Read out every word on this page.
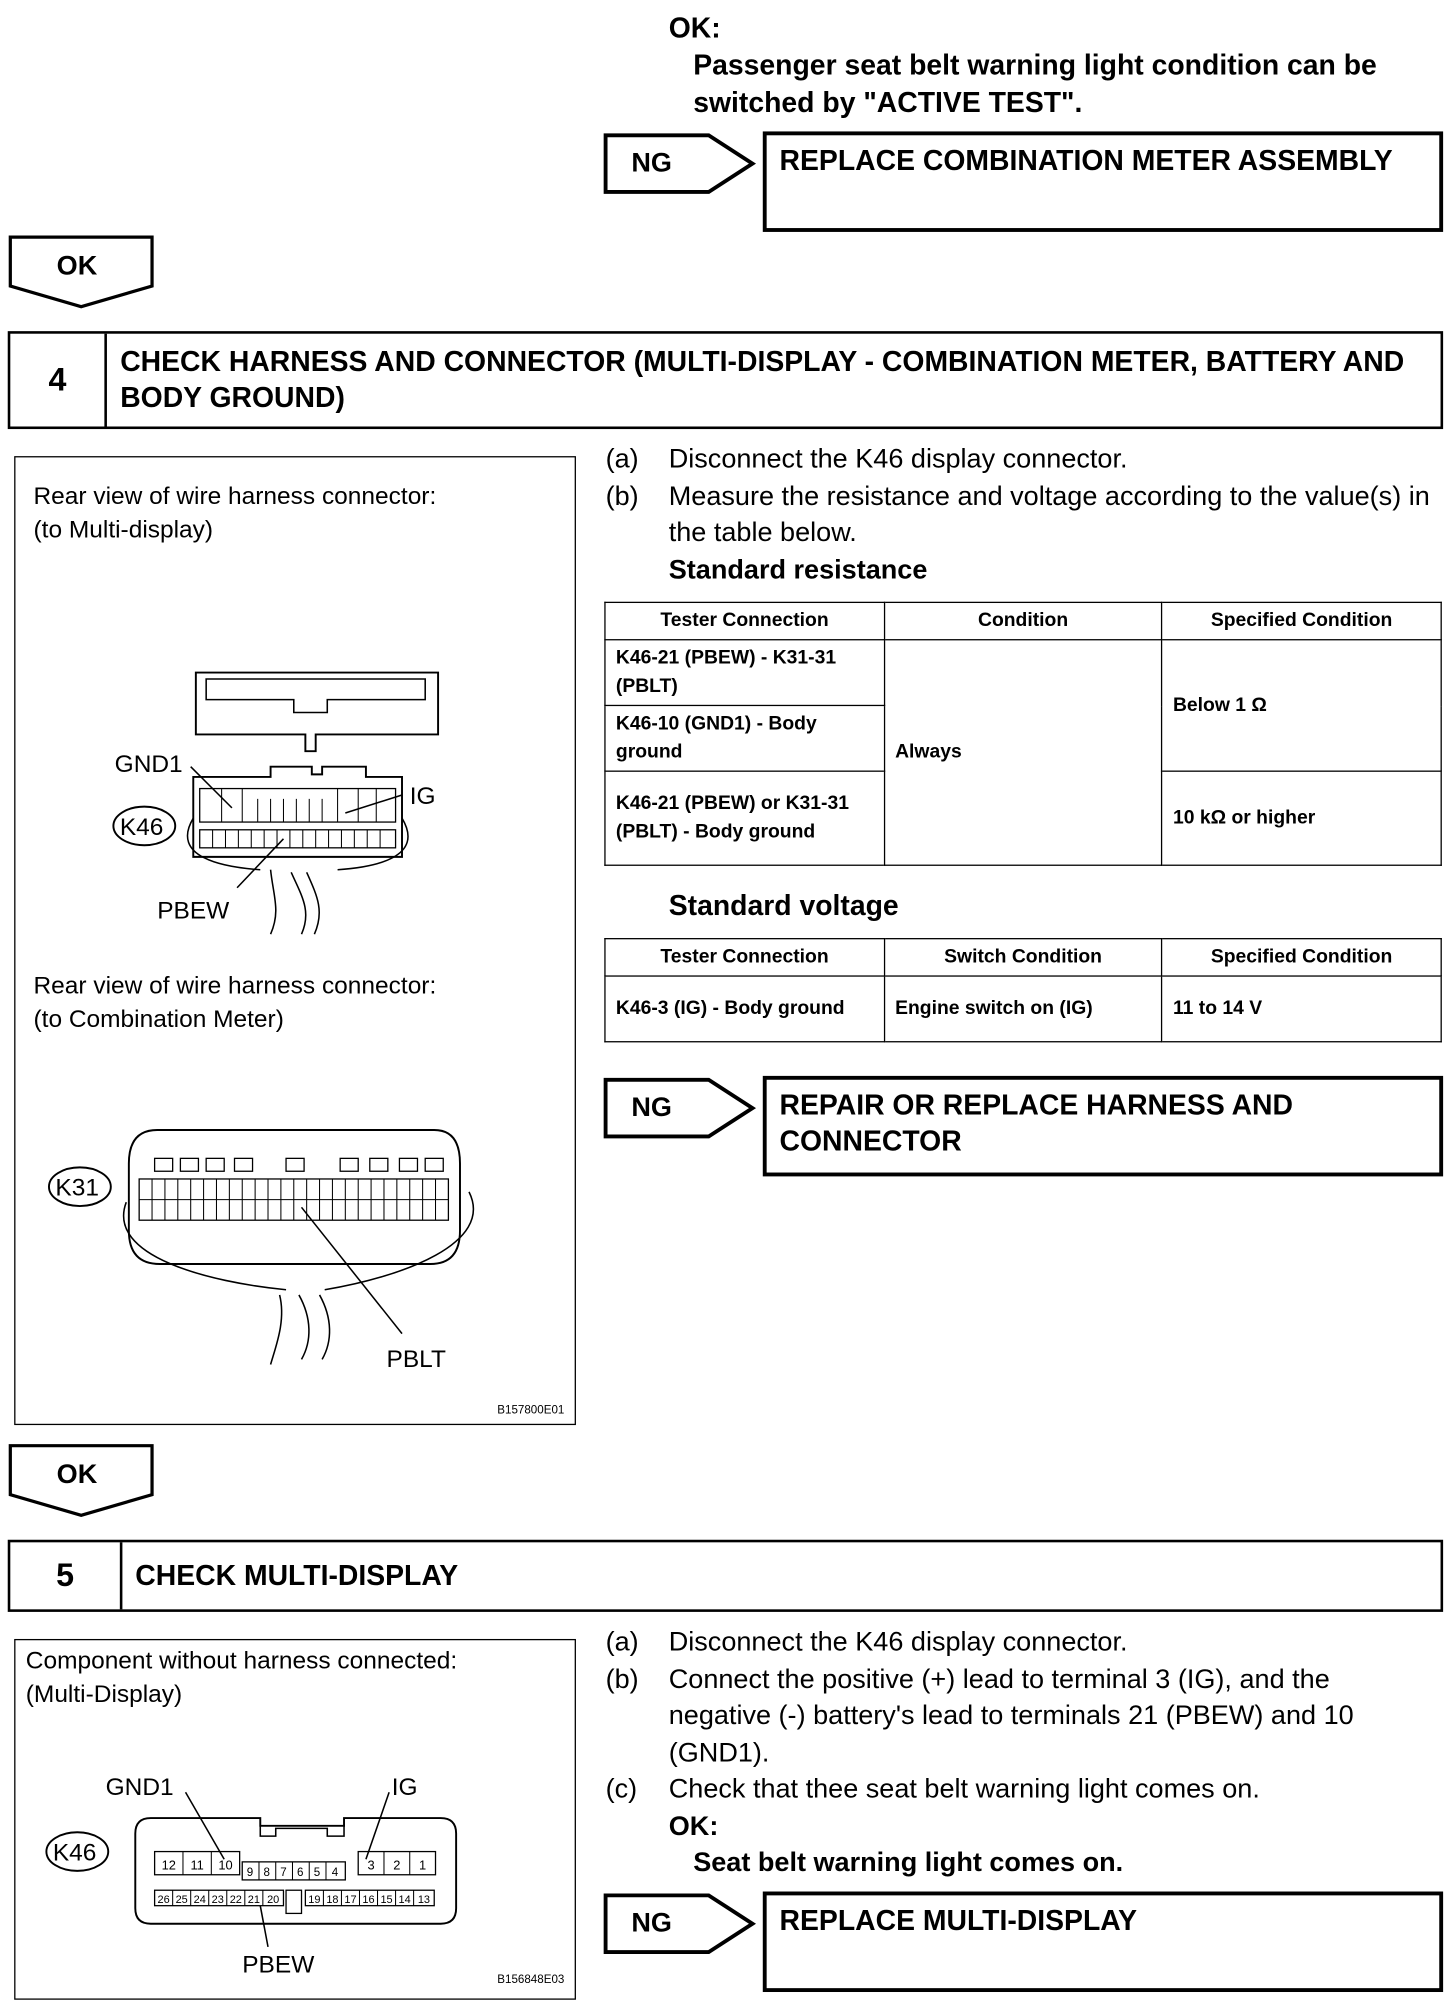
OK:
Passenger seat belt warning light condition can be switched by "ACTIVE TEST".
NG	REPLACE COMBINATION METER ASSEMBLY
OK
4	CHECK HARNESS AND CONNECTOR (MULTI-DISPLAY - COMBINATION METER, BATTERY AND BODY GROUND)
Rear view of wire harness connector:
(to Multi-display)
GND1
IG
K46
PBEW
Rear view of wire harness connector:
(to Combination Meter)
K31
PBLT
B157800E01
(a)	Disconnect the K46 display connector.
(b)	Measure the resistance and voltage according to the value(s) in the table below.
Standard resistance
Tester Connection	Condition	Specified Condition
K46-21 (PBEW) - K31-31 (PBLT)	Always	Below 1 Ω
K46-10 (GND1) - Body ground		
K46-21 (PBEW) or K31-31 (PBLT) - Body ground		10 kΩ or higher
Standard voltage
Tester Connection	Switch Condition	Specified Condition
K46-3 (IG) - Body ground	Engine switch on (IG)	11 to 14 V
NG	REPAIR OR REPLACE HARNESS AND CONNECTOR
OK
5	CHECK MULTI-DISPLAY
Component without harness connected:
(Multi-Display)
12 11 10
9 8 7 6 5 4
3 2 1
26 25 24 23 22 21 20	19 18 17 16 15 14 13
GND1	IG
K46
PBEW
B156848E03
(a)	Disconnect the K46 display connector.
(b)	Connect the positive (+) lead to terminal 3 (IG), and the negative (-) battery's lead to terminals 21 (PBEW) and 10 (GND1).
(c)	Check that thee seat belt warning light comes on.
OK:
Seat belt warning light comes on.
NG	REPLACE MULTI-DISPLAY
